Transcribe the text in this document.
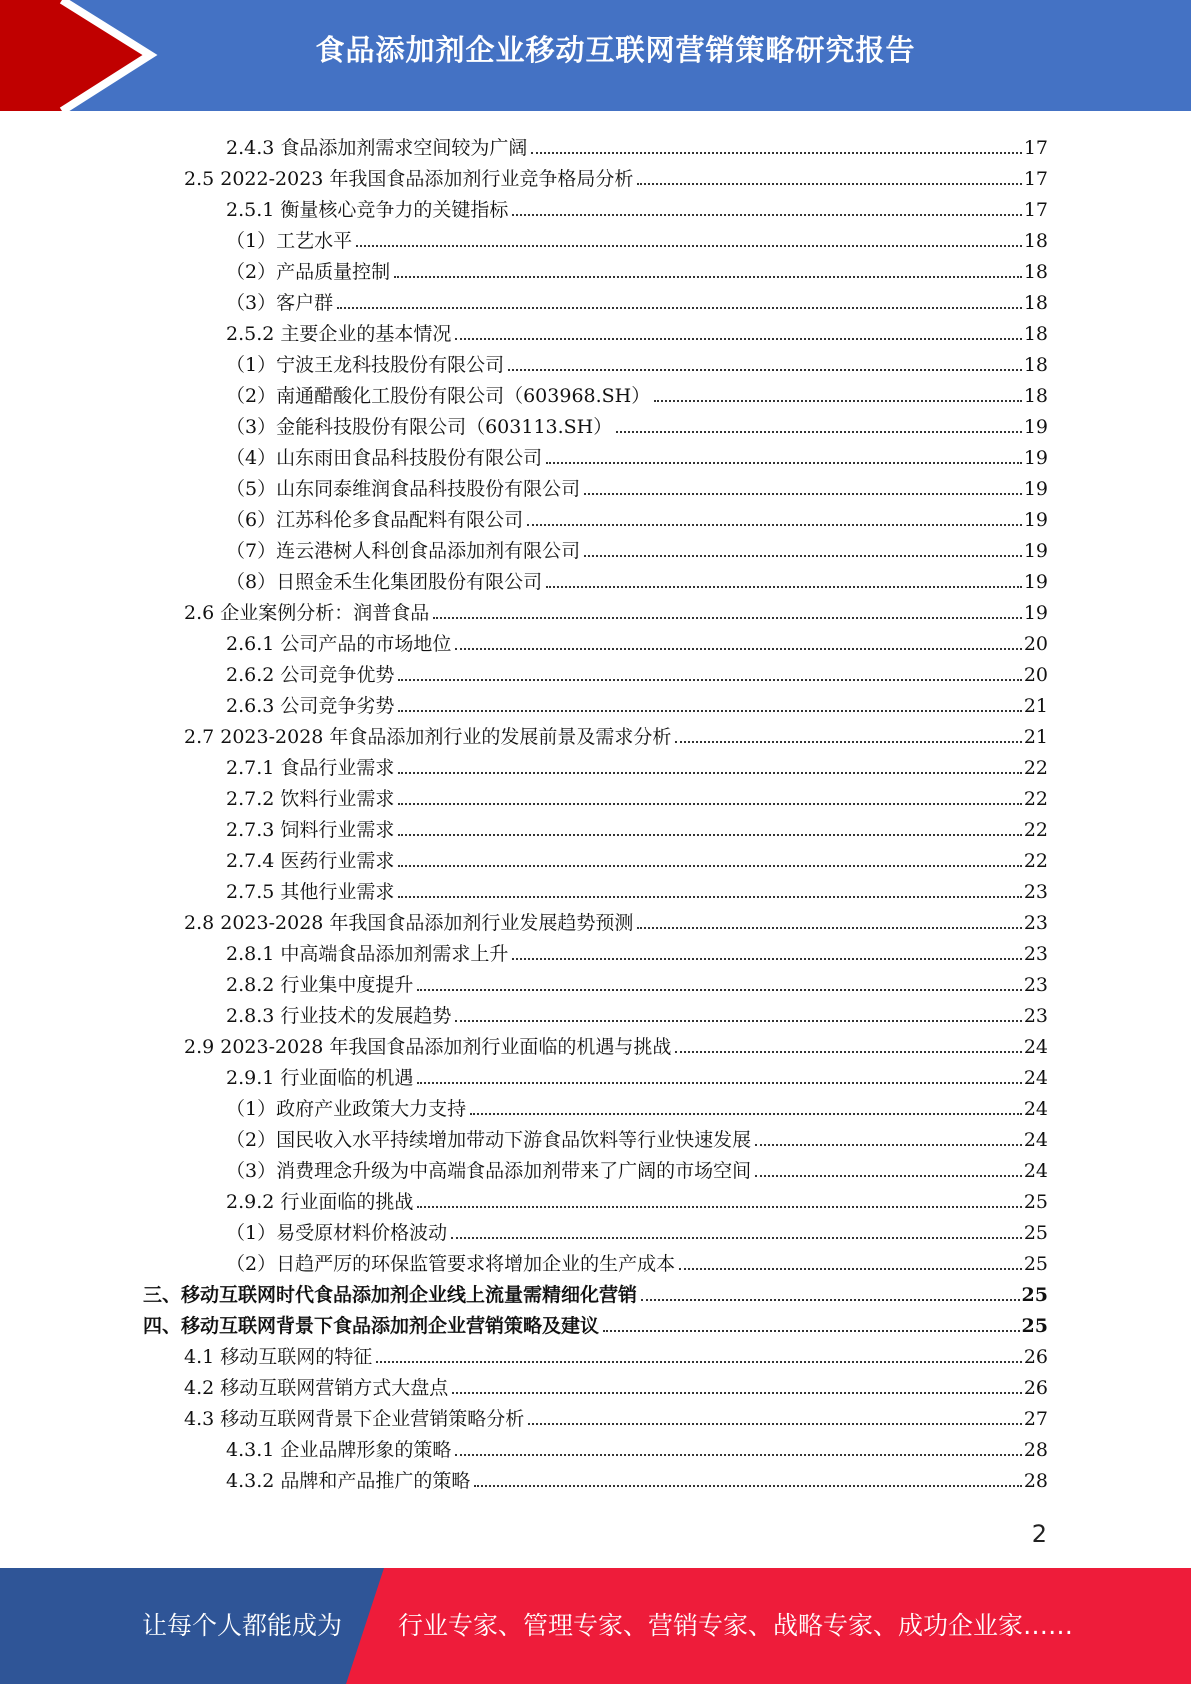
食品添加剂企业移动互联网营销策略研究报告
2.4.3 食品添加剂需求空间较为广阔	17
2.5 2022-2023 年我国食品添加剂行业竞争格局分析	17
2.5.1 衡量核心竞争力的关键指标	17
（1）工艺水平	18
（2）产品质量控制	18
（3）客户群	18
2.5.2 主要企业的基本情况	18
（1）宁波王龙科技股份有限公司	18
（2）南通醋酸化工股份有限公司（603968.SH）	18
（3）金能科技股份有限公司（603113.SH）	19
（4）山东雨田食品科技股份有限公司	19
（5）山东同泰维润食品科技股份有限公司	19
（6）江苏科伦多食品配料有限公司	19
（7）连云港树人科创食品添加剂有限公司	19
（8）日照金禾生化集团股份有限公司	19
2.6 企业案例分析：润普食品	19
2.6.1 公司产品的市场地位	20
2.6.2 公司竞争优势	20
2.6.3 公司竞争劣势	21
2.7 2023-2028 年食品添加剂行业的发展前景及需求分析	21
2.7.1 食品行业需求	22
2.7.2 饮料行业需求	22
2.7.3 饲料行业需求	22
2.7.4 医药行业需求	22
2.7.5 其他行业需求	23
2.8 2023-2028 年我国食品添加剂行业发展趋势预测	23
2.8.1 中高端食品添加剂需求上升	23
2.8.2 行业集中度提升	23
2.8.3 行业技术的发展趋势	23
2.9 2023-2028 年我国食品添加剂行业面临的机遇与挑战	24
2.9.1 行业面临的机遇	24
（1）政府产业政策大力支持	24
（2）国民收入水平持续增加带动下游食品饮料等行业快速发展	24
（3）消费理念升级为中高端食品添加剂带来了广阔的市场空间	24
2.9.2 行业面临的挑战	25
（1）易受原材料价格波动	25
（2）日趋严厉的环保监管要求将增加企业的生产成本	25
三、移动互联网时代食品添加剂企业线上流量需精细化营销	25
四、移动互联网背景下食品添加剂企业营销策略及建议	25
4.1 移动互联网的特征	26
4.2 移动互联网营销方式大盘点	26
4.3 移动互联网背景下企业营销策略分析	27
4.3.1 企业品牌形象的策略	28
4.3.2 品牌和产品推广的策略	28
2
让每个人都能成为 行业专家、管理专家、营销专家、战略专家、成功企业家……
